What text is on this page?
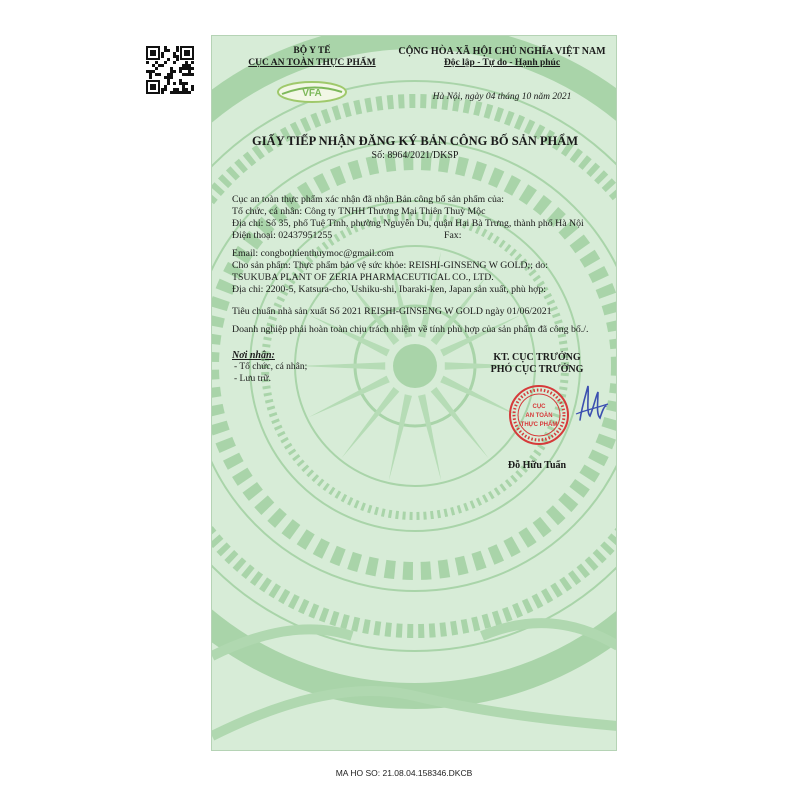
BỘ Y TẾ
CỤC AN TOÀN THỰC PHẨM
VFA
CỘNG HÒA XÃ HỘI CHỦ NGHĨA VIỆT NAM
Độc lập - Tự do - Hạnh phúc
Hà Nội, ngày 04 tháng 10 năm 2021
GIẤY TIẾP NHẬN ĐĂNG KÝ BẢN CÔNG BỐ SẢN PHẨM
Số: 8964/2021/DKSP
Cục an toàn thực phẩm xác nhận đã nhận Bản công bố sản phẩm của:
Tổ chức, cá nhân: Công ty TNHH Thương Mại Thiên Thuỳ Mộc
Địa chỉ: Số 35, phố Tuệ Tĩnh, phường Nguyễn Du, quận Hai Bà Trưng, thành phố Hà Nội
Điện thoại: 02437951255	Fax:
Email: congbothienthuymoc@gmail.com
Cho sản phẩm: Thực phẩm bảo vệ sức khỏe: REISHI-GINSENG W GOLD;; do:
TSUKUBA PLANT OF ZERIA PHARMACEUTICAL CO., LTD.
Địa chỉ: 2200-5, Katsura-cho, Ushiku-shi, Ibaraki-ken, Japan sản xuất, phù hợp:
Tiêu chuẩn nhà sản xuất Số 2021 REISHI-GINSENG W GOLD ngày 01/06/2021
Doanh nghiệp phải hoàn toàn chịu trách nhiệm về tính phù hợp của sản phẩm đã công bố./.
Nơi nhận:
- Tổ chức, cá nhân;
- Lưu trữ.
KT. CỤC TRƯỞNG
PHÓ CỤC TRƯỞNG
CỤC
AN TOÀN
THỰC PHẨM
Đỗ Hữu Tuấn
MA HO SO: 21.08.04.158346.DKCB
